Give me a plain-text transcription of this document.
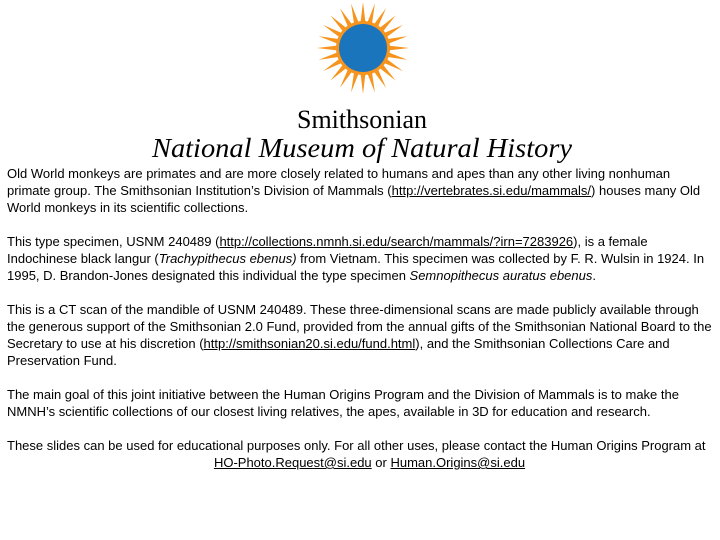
Smithsonian
National Museum of Natural History

Old World monkeys are primates and are more closely related to humans and apes than any other living nonhuman primate group. The Smithsonian Institution’s Division of Mammals (http://vertebrates.si.edu/mammals/) houses many Old World monkeys in its scientific collections.

This type specimen, USNM 240489 (http://collections.nmnh.si.edu/search/mammals/?irn=7283926), is a female Indochinese black langur (Trachypithecus ebenus) from Vietnam. This specimen was collected by F. R. Wulsin in 1924. In 1995, D. Brandon-Jones designated this individual the type specimen Semnopithecus auratus ebenus.

This is a CT scan of the mandible of USNM 240489. These three-dimensional scans are made publicly available through the generous support of the Smithsonian 2.0 Fund, provided from the annual gifts of the Smithsonian National Board to the Secretary to use at his discretion (http://smithsonian20.si.edu/fund.html), and the Smithsonian Collections Care and Preservation Fund.

The main goal of this joint initiative between the Human Origins Program and the Division of Mammals is to make the NMNH’s scientific collections of our closest living relatives, the apes, available in 3D for education and research.

These slides can be used for educational purposes only. For all other uses, please contact the Human Origins Program at
HO-Photo.Request@si.edu or Human.Origins@si.edu
